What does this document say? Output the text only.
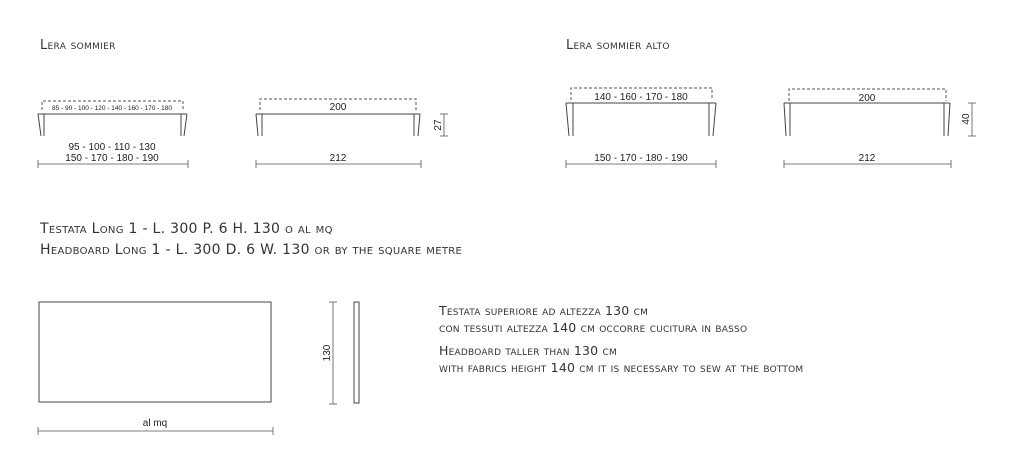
Lera sommier
85 - 90 - 100 - 120 - 140 - 160 - 170 - 180
95 - 100 - 110 - 130
150 - 170 - 180 - 190
200
212
27
Lera sommier alto
140 - 160 - 170 - 180
150 - 170 - 180 - 190
200
212
40
Testata Long 1 - L. 300 P. 6 H. 130 o al mq
Headboard Long 1 - L. 300 D. 6 W. 130 or by the square metre
al mq
130
Testata superiore ad altezza 130 cm
con tessuti altezza 140 cm occorre cucitura in basso
Headboard taller than 130 cm
with fabrics height 140 cm it is necessary to sew at the bottom
